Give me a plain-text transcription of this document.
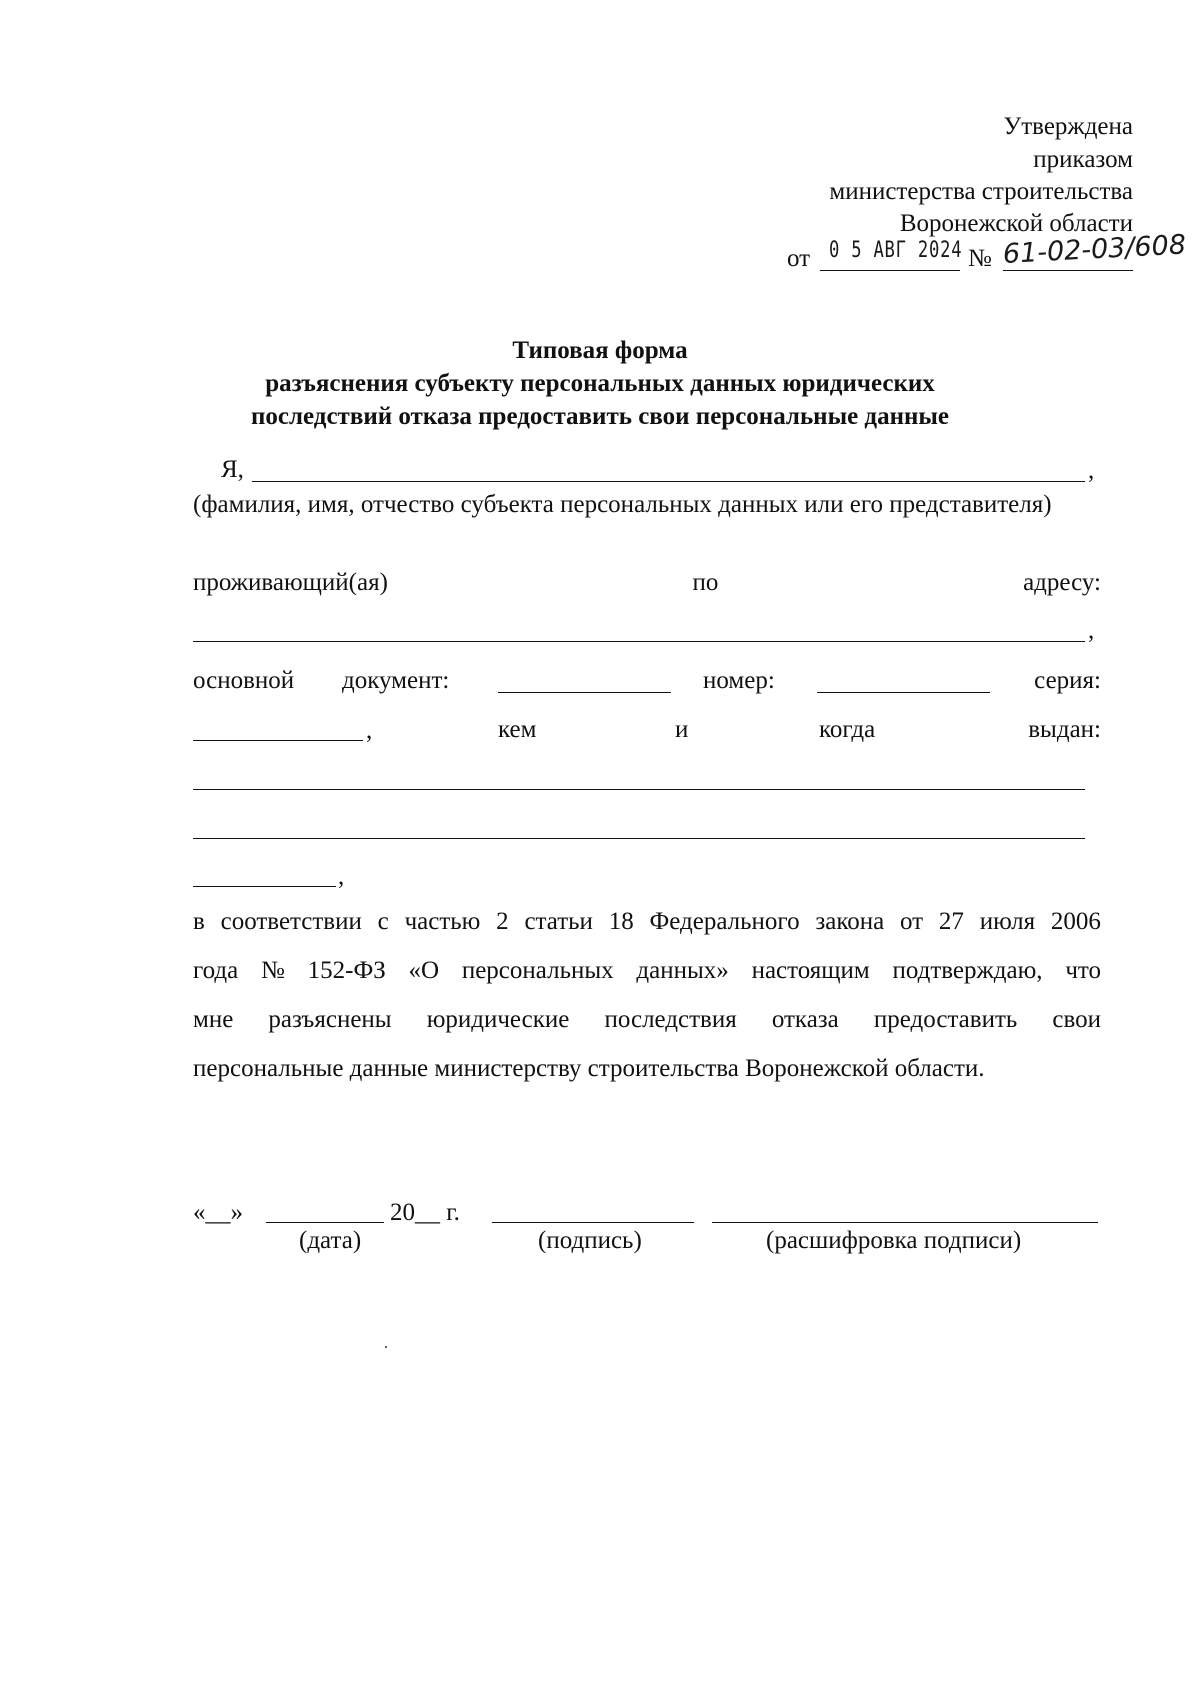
Утверждена
приказом
министерства строительства
Воронежской области
от 0 5 АВГ 2024 № 61-02-03/608
Типовая форма
разъяснения субъекту персональных данных юридических
последствий отказа предоставить свои персональные данные
Я,	,
(фамилия, имя, отчество субъекта персональных данных или его представителя)
проживающий(ая)	по	адресу:
,
основной документ:	номер:	серия:
,	кем	и	когда	выдан:
,
в соответствии с частью 2 статьи 18 Федерального закона от 27 июля 2006
года № 152-ФЗ «О персональных данных» настоящим подтверждаю, что
мне разъяснены юридические последствия отказа предоставить свои
персональные данные министерству строительства Воронежской области.
«__»	20__ г.
(дата)	(подпись)	(расшифровка подписи)
